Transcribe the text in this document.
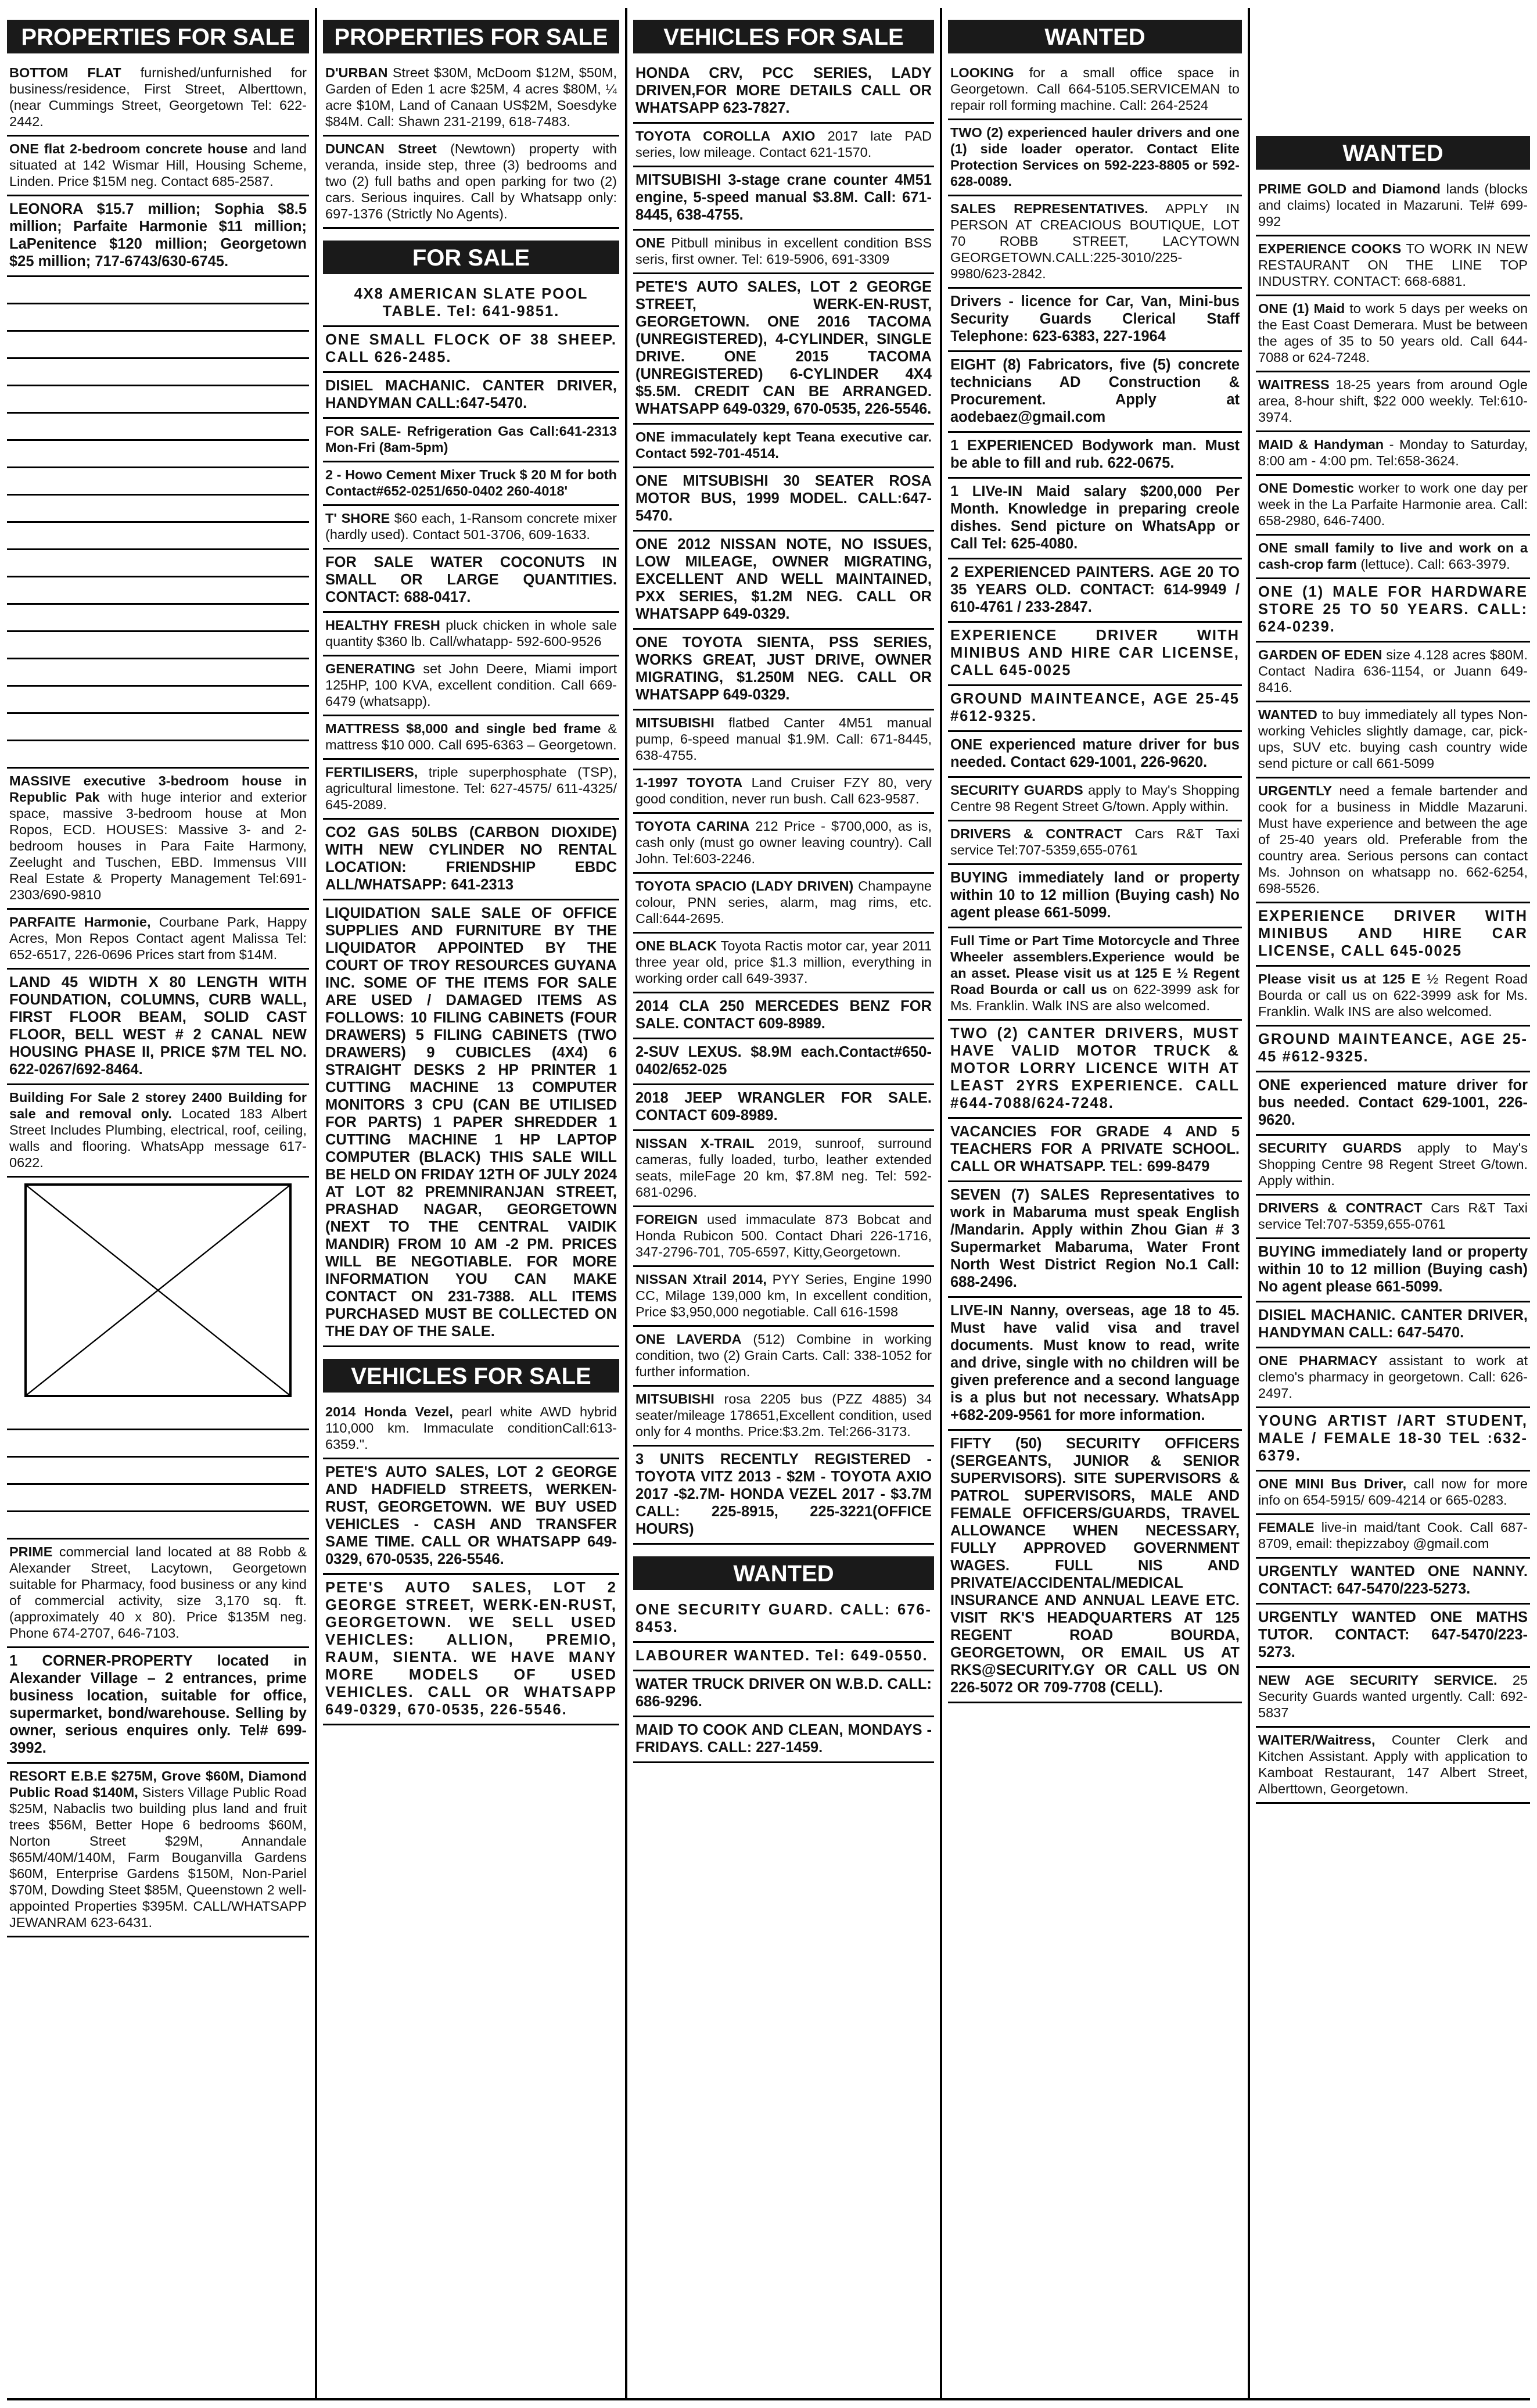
PROPERTIES FOR SALE
BOTTOM FLAT furnished/unfurnished for business/residence, First Street, Alberttown, (near Cummings Street, Georgetown Tel: 622-2442.
ONE flat 2-bedroom concrete house and land situated at 142 Wismar Hill, Housing Scheme, Linden. Price $15M neg. Contact 685-2587.
LEONORA $15.7 million; Sophia $8.5 million; Parfaite Harmonie $11 million; LaPenitence $120 million; Georgetown $25 million; 717-6743/630-6745.
MASSIVE executive 3-bedroom house in Republic Pak with huge interior and exterior space, massive 3-bedroom house at Mon Ropos, ECD. HOUSES: Massive 3- and 2-bedroom houses in Para Faite Harmony, Zeelught and Tuschen, EBD. Immensus VIII Real Estate & Property Management Tel:691-2303/690-9810
PARFAITE Harmonie, Courbane Park, Happy Acres, Mon Repos Contact agent Malissa Tel: 652-6517, 226-0696 Prices start from $14M.
LAND 45 WIDTH X 80 LENGTH WITH FOUNDATION, COLUMNS, CURB WALL, FIRST FLOOR BEAM, SOLID CAST FLOOR, BELL WEST # 2 CANAL NEW HOUSING PHASE II, PRICE $7M TEL NO. 622-0267/692-8464.
Building For Sale 2 storey 2400 Building for sale and removal only. Located 183 Albert Street Includes Plumbing, electrical, roof, ceiling, walls and flooring. WhatsApp message 617-0622.
PRIME commercial land located at 88 Robb & Alexander Street, Lacytown, Georgetown suitable for Pharmacy, food business or any kind of commercial activity, size 3,170 sq. ft. (approximately 40 x 80). Price $135M neg. Phone 674-2707, 646-7103.
1 CORNER-PROPERTY located in Alexander Village – 2 entrances, prime business location, suitable for office, supermarket, bond/warehouse. Selling by owner, serious enquires only. Tel# 699-3992.
RESORT E.B.E $275M, Grove $60M, Diamond Public Road $140M, Sisters Village Public Road $25M, Nabaclis two building plus land and fruit trees $56M, Better Hope 6 bedrooms $60M, Norton Street $29M, Annandale $65M/40M/140M, Farm Bouganvilla Gardens $60M, Enterprise Gardens $150M, Non-Pariel $70M, Dowding Steet $85M, Queenstown 2 well-appointed Properties $395M. CALL/WHATSAPP JEWANRAM 623-6431.
PROPERTIES FOR SALE
D'URBAN Street $30M, McDoom $12M, $50M, Garden of Eden 1 acre $25M, 4 acres $80M, ¼ acre $10M, Land of Canaan US$2M, Soesdyke $84M. Call: Shawn 231-2199, 618-7483.
DUNCAN Street (Newtown) property with veranda, inside step, three (3) bedrooms and two (2) full baths and open parking for two (2) cars. Serious inquires. Call by Whatsapp only: 697-1376 (Strictly No Agents).
FOR SALE
4X8 AMERICAN SLATE POOL TABLE. Tel: 641-9851.
ONE SMALL FLOCK OF 38 SHEEP. CALL 626-2485.
DISIEL MACHANIC. CANTER DRIVER, HANDYMAN CALL:647-5470.
FOR SALE- Refrigeration Gas Call:641-2313 Mon-Fri (8am-5pm)
2 - Howo Cement Mixer Truck $ 20 M for both Contact#652-0251/650-0402 260-4018'
T' SHORE $60 each, 1-Ransom concrete mixer (hardly used). Contact 501-3706, 609-1633.
FOR SALE WATER COCONUTS IN SMALL OR LARGE QUANTITIES. CONTACT: 688-0417.
HEALTHY FRESH pluck chicken in whole sale quantity $360 lb. Call/whatapp- 592-600-9526
GENERATING set John Deere, Miami import 125HP, 100 KVA, excellent condition. Call 669-6479 (whatsapp).
MATTRESS $8,000 and single bed frame & mattress $10 000. Call 695-6363 – Georgetown.
FERTILISERS, triple superphosphate (TSP), agricultural limestone. Tel: 627-4575/ 611-4325/ 645-2089.
CO2 GAS 50LBS (CARBON DIOXIDE) WITH NEW CYLINDER NO RENTAL LOCATION: FRIENDSHIP EBDC ALL/WHATSAPP: 641-2313
LIQUIDATION SALE SALE OF OFFICE SUPPLIES AND FURNITURE BY THE LIQUIDATOR APPOINTED BY THE COURT OF TROY RESOURCES GUYANA INC. SOME OF THE ITEMS FOR SALE ARE USED / DAMAGED ITEMS AS FOLLOWS: 10 FILING CABINETS (FOUR DRAWERS) 5 FILING CABINETS (TWO DRAWERS) 9 CUBICLES (4X4) 6 STRAIGHT DESKS 2 HP PRINTER 1 CUTTING MACHINE 13 COMPUTER MONITORS 3 CPU (CAN BE UTILISED FOR PARTS) 1 PAPER SHREDDER 1 CUTTING MACHINE 1 HP LAPTOP COMPUTER (BLACK) THIS SALE WILL BE HELD ON FRIDAY 12TH OF JULY 2024 AT LOT 82 PREMNIRANJAN STREET, PRASHAD NAGAR, GEORGETOWN (NEXT TO THE CENTRAL VAIDIK MANDIR) FROM 10 AM -2 PM. PRICES WILL BE NEGOTIABLE. FOR MORE INFORMATION YOU CAN MAKE CONTACT ON 231-7388. ALL ITEMS PURCHASED MUST BE COLLECTED ON THE DAY OF THE SALE.
VEHICLES FOR SALE
2014 Honda Vezel, pearl white AWD hybrid 110,000 km. Immaculate conditionCall:613-6359.".
PETE'S AUTO SALES, LOT 2 GEORGE AND HADFIELD STREETS, WERKEN-RUST, GEORGETOWN. WE BUY USED VEHICLES - CASH AND TRANSFER SAME TIME. CALL OR WHATSAPP 649-0329, 670-0535, 226-5546.
PETE'S AUTO SALES, LOT 2 GEORGE STREET, WERK-EN-RUST, GEORGETOWN. WE SELL USED VEHICLES: ALLION, PREMIO, RAUM, SIENTA. WE HAVE MANY MORE MODELS OF USED VEHICLES. CALL OR WHATSAPP 649-0329, 670-0535, 226-5546.
VEHICLES FOR SALE
HONDA CRV, PCC SERIES, LADY DRIVEN,FOR MORE DETAILS CALL OR WHATSAPP 623-7827.
TOYOTA COROLLA AXIO 2017 late PAD series, low mileage. Contact 621-1570.
MITSUBISHI 3-stage crane counter 4M51 engine, 5-speed manual $3.8M. Call: 671-8445, 638-4755.
ONE Pitbull minibus in excellent condition BSS seris, first owner. Tel: 619-5906, 691-3309
PETE'S AUTO SALES, LOT 2 GEORGE STREET, WERK-EN-RUST, GEORGETOWN. ONE 2016 TACOMA (UNREGISTERED), 4-CYLINDER, SINGLE DRIVE. ONE 2015 TACOMA (UNREGISTERED) 6-CYLINDER 4X4 $5.5M. CREDIT CAN BE ARRANGED. WHATSAPP 649-0329, 670-0535, 226-5546.
ONE immaculately kept Teana executive car. Contact 592-701-4514.
ONE MITSUBISHI 30 SEATER ROSA MOTOR BUS, 1999 MODEL. CALL:647-5470.
ONE 2012 NISSAN NOTE, NO ISSUES, LOW MILEAGE, OWNER MIGRATING, EXCELLENT AND WELL MAINTAINED, PXX SERIES, $1.2M NEG. CALL OR WHATSAPP 649-0329.
ONE TOYOTA SIENTA, PSS SERIES, WORKS GREAT, JUST DRIVE, OWNER MIGRATING, $1.250M NEG. CALL OR WHATSAPP 649-0329.
MITSUBISHI flatbed Canter 4M51 manual pump, 6-speed manual $1.9M. Call: 671-8445, 638-4755.
1-1997 TOYOTA Land Cruiser FZY 80, very good condition, never run bush. Call 623-9587.
TOYOTA CARINA 212 Price - $700,000, as is, cash only (must go owner leaving country). Call John. Tel:603-2246.
TOYOTA SPACIO (LADY DRIVEN) Champayne colour, PNN series, alarm, mag rims, etc. Call:644-2695.
ONE BLACK Toyota Ractis motor car, year 2011 three year old, price $1.3 million, everything in working order call 649-3937.
2014 CLA 250 MERCEDES BENZ FOR SALE. CONTACT 609-8989.
2-SUV LEXUS. $8.9M each.Contact#650-0402/652-025
2018 JEEP WRANGLER FOR SALE. CONTACT 609-8989.
NISSAN X-TRAIL 2019, sunroof, surround cameras, fully loaded, turbo, leather extended seats, mileFage 20 km, $7.8M neg. Tel: 592-681-0296.
FOREIGN used immaculate 873 Bobcat and Honda Rubicon 500. Contact Dhari 226-1716, 347-2796-701, 705-6597, Kitty,Georgetown.
NISSAN Xtrail 2014, PYY Series, Engine 1990 CC, Milage 139,000 km, In excellent condition, Price $3,950,000 negotiable. Call 616-1598
ONE LAVERDA (512) Combine in working condition, two (2) Grain Carts. Call: 338-1052 for further information.
MITSUBISHI rosa 2205 bus (PZZ 4885) 34 seater/mileage 178651,Excellent condition, used only for 4 months. Price:$3.2m. Tel:266-3173.
3 UNITS RECENTLY REGISTERED - TOYOTA VITZ 2013 - $2M - TOYOTA AXIO 2017 -$2.7M- HONDA VEZEL 2017 - $3.7M CALL: 225-8915, 225-3221(OFFICE HOURS)
WANTED
ONE SECURITY GUARD. CALL: 676-8453.
LABOURER WANTED. Tel: 649-0550.
WATER TRUCK DRIVER ON W.B.D. CALL: 686-9296.
MAID TO COOK AND CLEAN, MONDAYS - FRIDAYS. CALL: 227-1459.
WANTED
LOOKING for a small office space in Georgetown. Call 664-5105.SERVICEMAN to repair roll forming machine. Call: 264-2524
TWO (2) experienced hauler drivers and one (1) side loader operator. Contact Elite Protection Services on 592-223-8805 or 592-628-0089.
SALES REPRESENTATIVES. APPLY IN PERSON AT CREACIOUS BOUTIQUE, LOT 70 ROBB STREET, LACYTOWN GEORGETOWN.CALL:225-3010/225-9980/623-2842.
Drivers - licence for Car, Van, Mini-bus Security Guards Clerical Staff Telephone: 623-6383, 227-1964
EIGHT (8) Fabricators, five (5) concrete technicians AD Construction & Procurement. Apply at aodebaez@gmail.com
1 EXPERIENCED Bodywork man. Must be able to fill and rub. 622-0675.
1 LIVe-IN Maid salary $200,000 Per Month. Knowledge in preparing creole dishes. Send picture on WhatsApp or Call Tel: 625-4080.
2 EXPERIENCED PAINTERS. AGE 20 TO 35 YEARS OLD. CONTACT: 614-9949 / 610-4761 / 233-2847.
EXPERIENCE DRIVER WITH MINIBUS AND HIRE CAR LICENSE, CALL 645-0025
GROUND MAINTEANCE, AGE 25-45 #612-9325.
ONE experienced mature driver for bus needed. Contact 629-1001, 226-9620.
SECURITY GUARDS apply to May's Shopping Centre 98 Regent Street G/town. Apply within.
DRIVERS & CONTRACT Cars R&T Taxi service Tel:707-5359,655-0761
BUYING immediately land or property within 10 to 12 million (Buying cash) No agent please 661-5099.
Full Time or Part Time Motorcycle and Three Wheeler assemblers.Experience would be an asset. Please visit us at 125 E ½ Regent Road Bourda or call us on 622-3999 ask for Ms. Franklin. Walk INS are also welcomed.
TWO (2) CANTER DRIVERS, MUST HAVE VALID MOTOR TRUCK & MOTOR LORRY LICENCE WITH AT LEAST 2YRS EXPERIENCE. CALL #644-7088/624-7248.
VACANCIES FOR GRADE 4 AND 5 TEACHERS FOR A PRIVATE SCHOOL. CALL OR WHATSAPP. TEL: 699-8479
SEVEN (7) SALES Representatives to work in Mabaruma must speak English /Mandarin. Apply within Zhou Gian # 3 Supermarket Mabaruma, Water Front North West District Region No.1 Call: 688-2496.
LIVE-IN Nanny, overseas, age 18 to 45. Must have valid visa and travel documents. Must know to read, write and drive, single with no children will be given preference and a second language is a plus but not necessary. WhatsApp +682-209-9561 for more information.
FIFTY (50) SECURITY OFFICERS (SERGEANTS, JUNIOR & SENIOR SUPERVISORS). SITE SUPERVISORS & PATROL SUPERVISORS, MALE AND FEMALE OFFICERS/GUARDS, TRAVEL ALLOWANCE WHEN NECESSARY, FULLY APPROVED GOVERNMENT WAGES. FULL NIS AND PRIVATE/ACCIDENTAL/MEDICAL INSURANCE AND ANNUAL LEAVE ETC. VISIT RK'S HEADQUARTERS AT 125 REGENT ROAD BOURDA, GEORGETOWN, OR EMAIL US AT RKS@SECURITY.GY OR CALL US ON 226-5072 OR 709-7708 (CELL).
WANTED
PRIME GOLD and Diamond lands (blocks and claims) located in Mazaruni. Tel# 699-992
EXPERIENCE COOKS TO WORK IN NEW RESTAURANT ON THE LINE TOP INDUSTRY. CONTACT: 668-6881.
ONE (1) Maid to work 5 days per weeks on the East Coast Demerara. Must be between the ages of 35 to 50 years old. Call 644-7088 or 624-7248.
WAITRESS 18-25 years from around Ogle area, 8-hour shift, $22 000 weekly. Tel:610-3974.
MAID & Handyman - Monday to Saturday, 8:00 am - 4:00 pm. Tel:658-3624.
ONE Domestic worker to work one day per week in the La Parfaite Harmonie area. Call: 658-2980, 646-7400.
ONE small family to live and work on a cash-crop farm (lettuce). Call: 663-3979.
ONE (1) MALE FOR HARDWARE STORE 25 TO 50 YEARS. CALL: 624-0239.
GARDEN OF EDEN size 4.128 acres $80M. Contact Nadira 636-1154, or Juann 649-8416.
WANTED to buy immediately all types Non-working Vehicles slightly damage, car, pick-ups, SUV etc. buying cash country wide send picture or call 661-5099
URGENTLY need a female bartender and cook for a business in Middle Mazaruni. Must have experience and between the age of 25-40 years old. Preferable from the country area. Serious persons can contact Ms. Johnson on whatsapp no. 662-6254, 698-5526.
EXPERIENCE DRIVER WITH MINIBUS AND HIRE CAR LICENSE, CALL 645-0025
Please visit us at 125 E ½ Regent Road Bourda or call us on 622-3999 ask for Ms. Franklin. Walk INS are also welcomed.
GROUND MAINTEANCE, AGE 25-45 #612-9325.
ONE experienced mature driver for bus needed. Contact 629-1001, 226-9620.
SECURITY GUARDS apply to May's Shopping Centre 98 Regent Street G/town. Apply within.
DRIVERS & CONTRACT Cars R&T Taxi service Tel:707-5359,655-0761
BUYING immediately land or property within 10 to 12 million (Buying cash) No agent please 661-5099.
DISIEL MACHANIC. CANTER DRIVER, HANDYMAN CALL: 647-5470.
ONE PHARMACY assistant to work at clemo's pharmacy in georgetown. Call: 626-2497.
YOUNG ARTIST /ART STUDENT, MALE / FEMALE 18-30 TEL :632-6379.
ONE MINI Bus Driver, call now for more info on 654-5915/ 609-4214 or 665-0283.
FEMALE live-in maid/tant Cook. Call 687-8709, email: thepizzaboy @gmail.com
URGENTLY WANTED ONE NANNY. CONTACT: 647-5470/223-5273.
URGENTLY WANTED ONE MATHS TUTOR. CONTACT: 647-5470/223-5273.
NEW AGE SECURITY SERVICE. 25 Security Guards wanted urgently. Call: 692-5837
WAITER/Waitress, Counter Clerk and Kitchen Assistant. Apply with application to Kamboat Restaurant, 147 Albert Street, Alberttown, Georgetown.
